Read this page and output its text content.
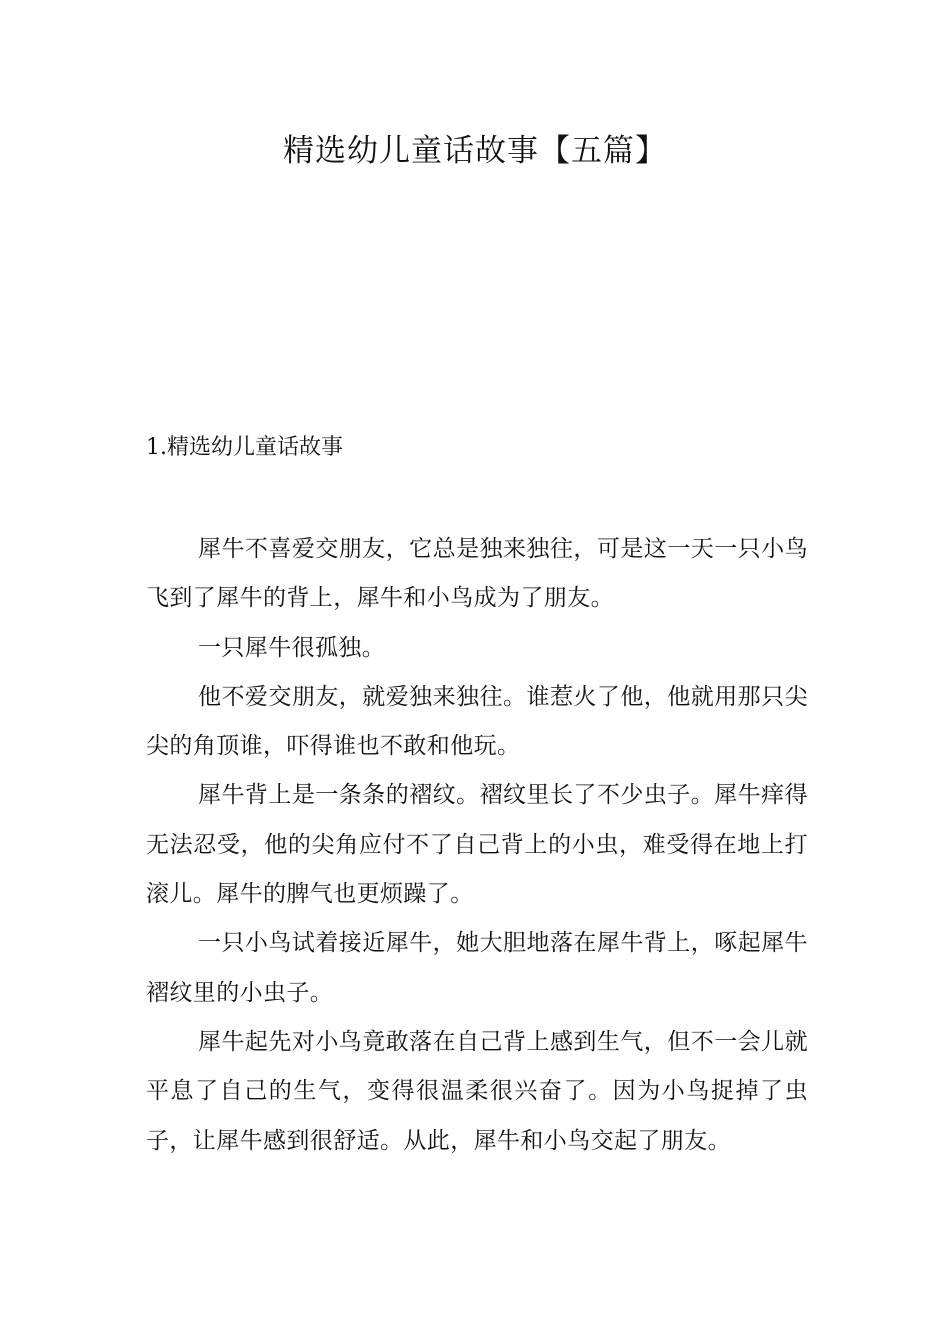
精选幼儿童话故事【五篇】
1.精选幼儿童话故事

犀牛不喜爱交朋友，它总是独来独往，可是这一天一只小鸟飞到了犀牛的背上，犀牛和小鸟成为了朋友。

一只犀牛很孤独。

他不爱交朋友，就爱独来独往。谁惹火了他，他就用那只尖尖的角顶谁，吓得谁也不敢和他玩。

犀牛背上是一条条的褶纹。褶纹里长了不少虫子。犀牛痒得无法忍受，他的尖角应付不了自己背上的小虫，难受得在地上打滚儿。犀牛的脾气也更烦躁了。

一只小鸟试着接近犀牛，她大胆地落在犀牛背上，啄起犀牛褶纹里的小虫子。

犀牛起先对小鸟竟敢落在自己背上感到生气，但不一会儿就平息了自己的生气，变得很温柔很兴奋了。因为小鸟捉掉了虫子，让犀牛感到很舒适。从此，犀牛和小鸟交起了朋友。
